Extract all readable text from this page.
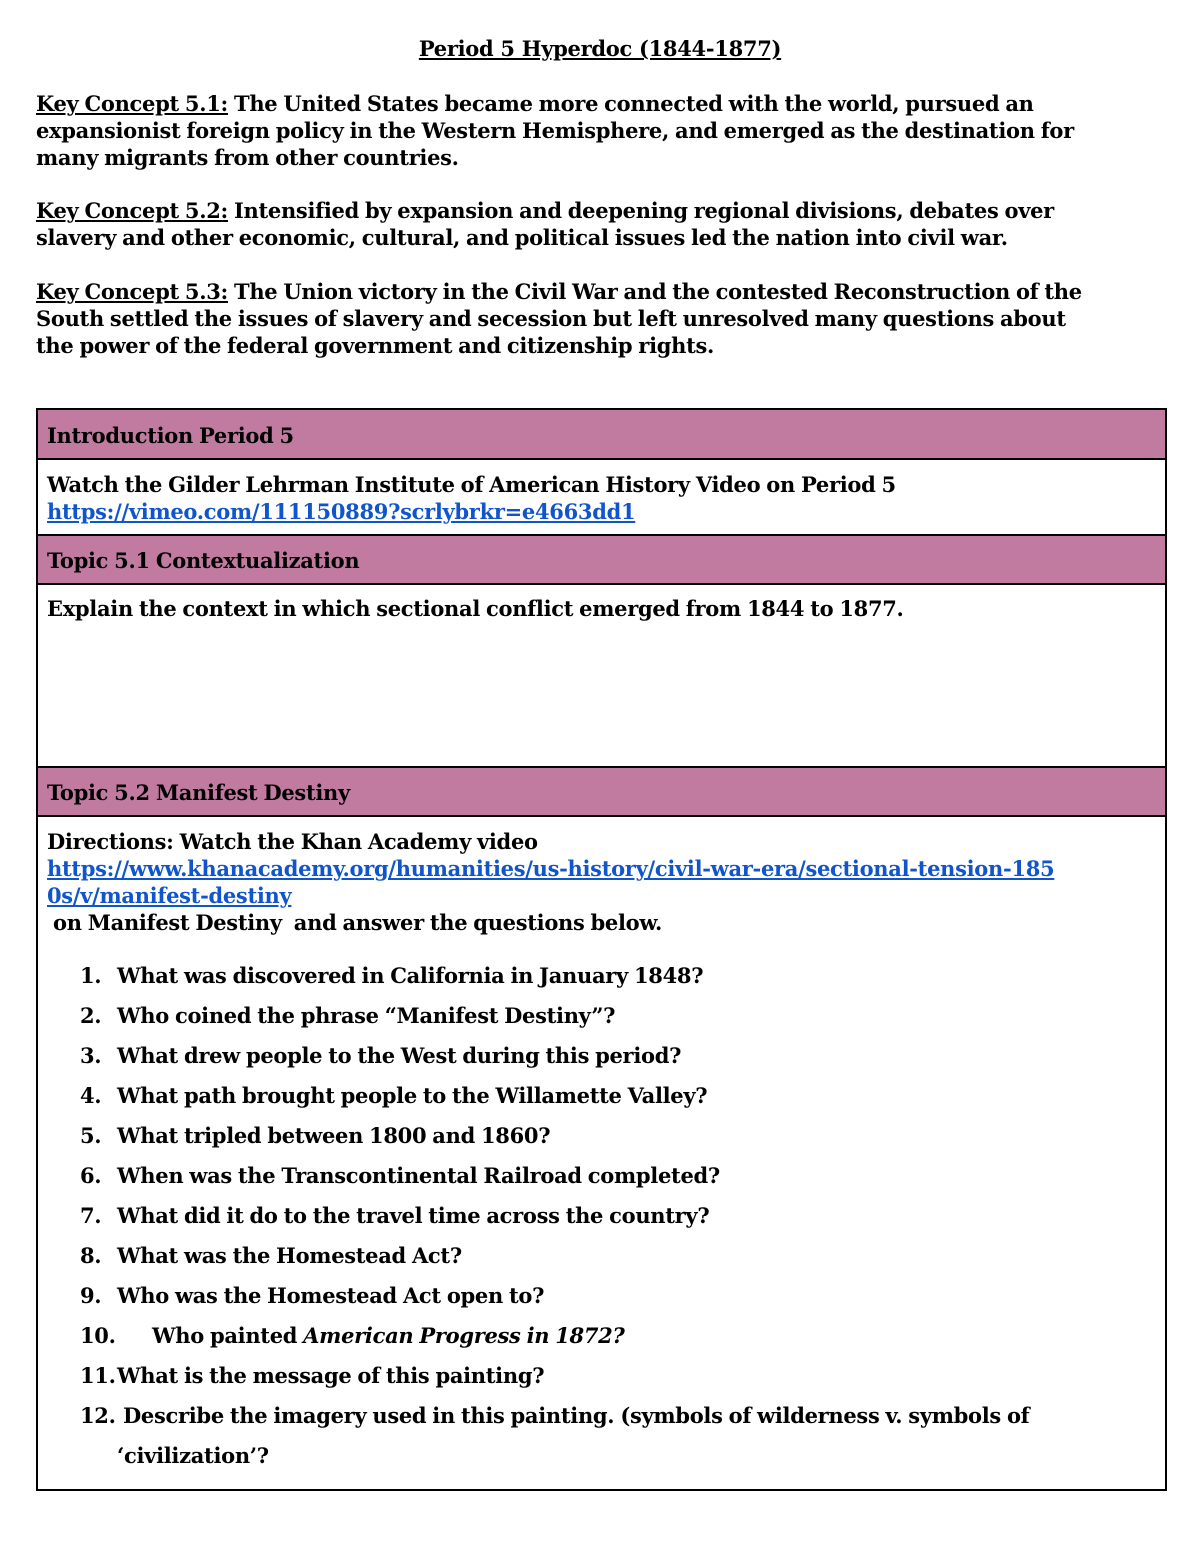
Period 5 Hyperdoc (1844-1877)
Key Concept 5.1: The United States became more connected with the world, pursued an
expansionist foreign policy in the Western Hemisphere, and emerged as the destination for
many migrants from other countries.
Key Concept 5.2: Intensified by expansion and deepening regional divisions, debates over
slavery and other economic, cultural, and political issues led the nation into civil war.
Key Concept 5.3: The Union victory in the Civil War and the contested Reconstruction of the
South settled the issues of slavery and secession but left unresolved many questions about
the power of the federal government and citizenship rights.
Introduction Period 5
Watch the Gilder Lehrman Institute of American History Video on Period 5
https://vimeo.com/111150889?scrlybrkr=e4663dd1
Topic 5.1 Contextualization
Explain the context in which sectional conflict emerged from 1844 to 1877.
Topic 5.2 Manifest Destiny
Directions: Watch the Khan Academy video
https://www.khanacademy.org/humanities/us-history/civil-war-era/sectional-tension-185
0s/v/manifest-destiny
on Manifest Destiny  and answer the questions below.
1. What was discovered in California in January 1848?
2. Who coined the phrase “Manifest Destiny”?
3. What drew people to the West during this period?
4. What path brought people to the Willamette Valley?
5. What tripled between 1800 and 1860?
6. When was the Transcontinental Railroad completed?
7. What did it do to the travel time across the country?
8. What was the Homestead Act?
9. Who was the Homestead Act open to?
10. Who painted American Progress in 1872?
11. What is the message of this painting?
12. Describe the imagery used in this painting. (symbols of wilderness v. symbols of
‘civilization’?
